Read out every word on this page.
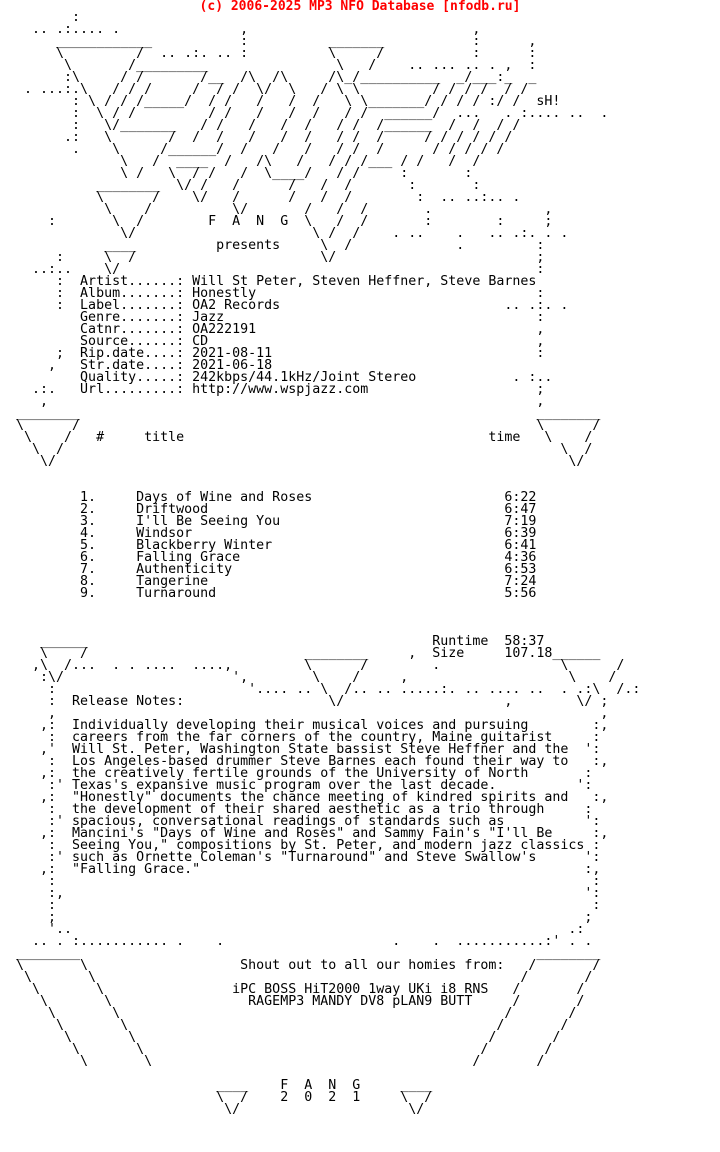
(c) 2006-2025 MP3 NFO Database [nfodb.ru]
:
.. .:.... .               ,                            ,
____________           :          _______           :      ,
\         /  .. .:. .. :          \     /           :      :
\       /_________                \   /    .. ... .. . ,  :
:\     / /       /__  /\  /\     /\_/__________  _/___:_  _
. ...:.\   / / /     /  / /  \/  \   / \ \         / / / /  / /
: \ / / /_____/  / /   /   /  /   \ \_______/ / / / :/ /  sH!
:  \ / /         / /   /   /  /   / /  ______/  ...   . :.... ..  .
:   \/_______   / /   /   /  /   / /  /______  /  /  / /
.:   \       /  /  /   /   /  /   / /  /     / / / / / /
.    \     /______/  /   /   /   / /  /      / / / / /
\   /  ____  /   /\   /   / / /___ / /   /  /
\ /   \  / /   /  \____/   / /     :       :
________  \/ /   /      /   /  /       :       :
\      /    \/   /      /   /  /        :  .. ..:.. .
\    /          \/       /   /  /       .              ,
:       \  /        F  A  N  G  \   /  /       :        :     ;
\/                      \ /  /    . ..    .   .. .:. . .
____          presents     \  /             .         :
:     \  /                       \/                         ;
..:..    \/                                                    :
:  Artist......: Will St Peter, Steven Heffner, Steve Barnes
:  Album.......: Honestly                                   :
:  Label.......: OA2 Records                            .. .:. .
Genre.......: Jazz                                       :
Catnr.......: OA222191                                   ,
Source......: CD                                         ,
;  Rip.date....: 2021-08-11                                 :
,   Str.date....: 2021-06-18
Quality.....: 242kbps/44.1kHz/Joint Stereo            . :..
.:.   Url.........: http://www.wspjazz.com                     ;
,                                                             ,
________                                                         ________
\      /                                                         \      /
\    /   #     title                                      time   \    /
\  /                                                              \  /
\/                                                                \/

1.     Days of Wine and Roses                        6:22
2.     Driftwood                                     6:47
3.     I'll Be Seeing You                            7:19
4.     Windsor                                       6:39
5.     Blackberry Winter                             6:41
6.     Falling Grace                                 4:36
7.     Authenticity                                  6:53
8.     Tangerine                                     7:24
9.     Turnaround                                    5:56

______                                           Runtime  58:37
\    /                           ________     ,  Size     107.18______
,\  /...  . . ....  ....,         \      /        .               \      /
:\/                     ',        \    /     ,                    \    /
:                        '.... .. \  /.. .. .....:. .. .... ..  . .:\  /.:
:  Release Notes:                  \/                    ,        \/ ;
,                                                                    ,
,:  Individually developing their musical voices and pursuing        :,
:  careers from the far corners of the country, Maine guitarist     :
,'  Will St. Peter, Washington State bassist Steve Heffner and the  ':
:  Los Angeles-based drummer Steve Barnes each found their way to   :,
,:  the creatively fertile grounds of the University of North       :
:' Texas's expansive music program over the last decade.          ':
,:  "Honestly" documents the chance meeting of kindred spirits and   :,
:  the development of their shared aesthetic as a trio through     :
:' spacious, conversational readings of standards such as          ':
,:  Mancini's "Days of Wine and Roses" and Sammy Fain's "I'll Be     :,
:  Seeing You," compositions by St. Peter, and modern jazz classics :
:' such as Ornette Coleman's "Turnaround" and Steve Swallow's      ':
,:  "Falling Grace."                                                :,
:                                                                   :
:,                                                                 ':
:                                                                   :
;                                                                  ;
'..                                                              .:
.. . :........... .    .                     .    .  ...........:' . .
________                                                         ________
\       \                   Shout out to all our homies from:   /       /
\       \                                                     /       /
\       \                iPC BOSS HiT2000 1way UKi i8 RNS   /       /
\       \                 RAGEMP3 MANDY DV8 pLAN9 BUTT     /       /
\       \                                                /       /
\       \                                              /       /
\       \                                            /       /
\       \                                          /       /
\       \                                        /       /

____    F  A  N  G     ____
\  /    2  0  2  1     \  /
\/                     \/
